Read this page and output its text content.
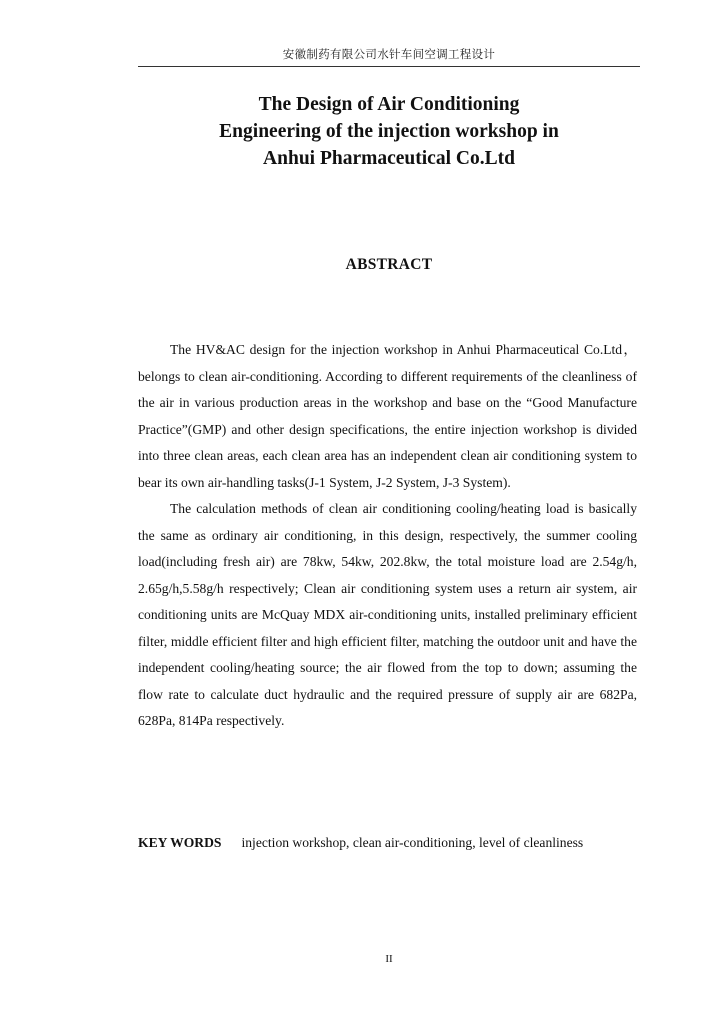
安徽制药有限公司水针车间空调工程设计
The Design of Air Conditioning
Engineering of the injection workshop in
Anhui Pharmaceutical Co.Ltd
ABSTRACT

The HV&AC design for the injection workshop in Anhui Pharmaceutical Co.Ltd，belongs to clean air-conditioning. According to different requirements of the cleanliness of the air in various production areas in the workshop and base on the “Good Manufacture Practice”(GMP) and other design specifications, the entire injection workshop is divided into three clean areas, each clean area has an independent clean air conditioning system to bear its own air-handling tasks(J-1 System, J-2 System, J-3 System).

The calculation methods of clean air conditioning cooling/heating load is basically the same as ordinary air conditioning, in this design, respectively, the summer cooling load(including fresh air) are 78kw, 54kw, 202.8kw, the total moisture load are 2.54g/h, 2.65g/h,5.58g/h respectively; Clean air conditioning system uses a return air system, air conditioning units are McQuay MDX air-conditioning units, installed preliminary efficient filter, middle efficient filter and high efficient filter, matching the outdoor unit and have the independent cooling/heating source; the air flowed from the top to down; assuming the flow rate to calculate duct hydraulic and the required pressure of supply air are 682Pa, 628Pa, 814Pa respectively.

KEY WORDS injection workshop, clean air-conditioning, level of cleanliness
II
